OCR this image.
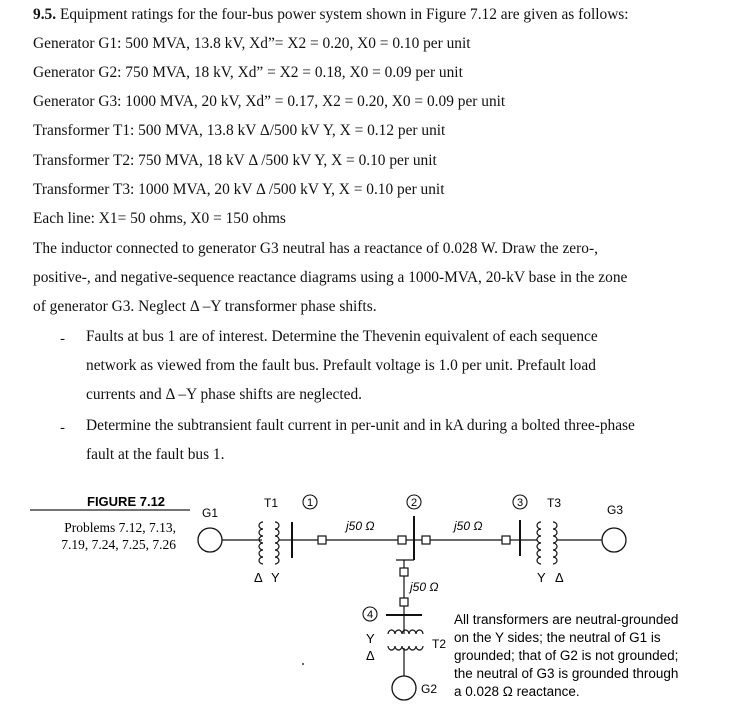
9.5. Equipment ratings for the four-bus power system shown in Figure 7.12 are given as follows:
Generator G1: 500 MVA, 13.8 kV, Xd”= X2 = 0.20, X0 = 0.10 per unit
Generator G2: 750 MVA, 18 kV, Xd” = X2 = 0.18, X0 = 0.09 per unit
Generator G3: 1000 MVA, 20 kV, Xd” = 0.17, X2 = 0.20, X0 = 0.09 per unit
Transformer T1: 500 MVA, 13.8 kV Δ/500 kV Y, X = 0.12 per unit
Transformer T2: 750 MVA, 18 kV Δ /500 kV Y, X = 0.10 per unit
Transformer T3: 1000 MVA, 20 kV Δ /500 kV Y, X = 0.10 per unit
Each line: X1= 50 ohms, X0 = 150 ohms
The inductor connected to generator G3 neutral has a reactance of 0.028 W. Draw the zero-,
positive-, and negative-sequence reactance diagrams using a 1000-MVA, 20-kV base in the zone
of generator G3. Neglect Δ –Y transformer phase shifts.
- Faults at bus 1 are of interest. Determine the Thevenin equivalent of each sequence
network as viewed from the fault bus. Prefault voltage is 1.0 per unit. Prefault load
currents and Δ –Y phase shifts are neglected.
- Determine the subtransient fault current in per-unit and in kA during a bolted three-phase
fault at the fault bus 1.
FIGURE 7.12
Problems 7.12, 7.13,
7.19, 7.24, 7.25, 7.26
G1
T1
Δ Y
1
j50 Ω
2
j50 Ω
3 T3
Y Δ
G3
j50 Ω
4
Y
Δ
T2
G2
All transformers are neutral-grounded
on the Y sides; the neutral of G1 is
grounded; that of G2 is not grounded;
the neutral of G3 is grounded through
a 0.028 Ω reactance.
